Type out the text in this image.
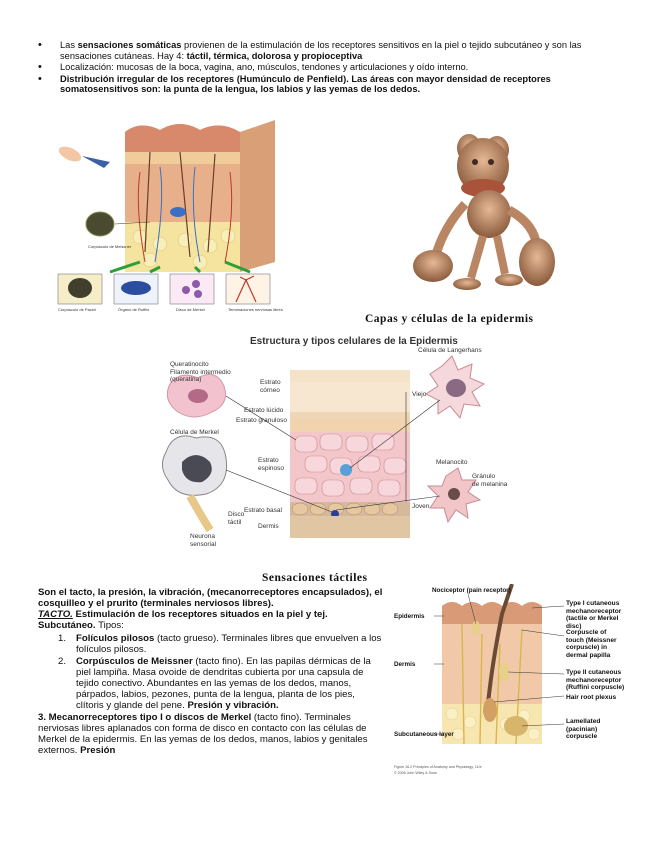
• Las sensaciones somáticas provienen de la estimulación de los receptores sensitivos en la piel o tejido subcutáneo y son las sensaciones cutáneas. Hay 4: táctil, térmica, dolorosa y propioceptiva
• Localización: mucosas de la boca, vagina, ano, músculos, tendones y articulaciones y oído interno.
• Distribución irregular de los receptores (Humúnculo de Penfield). Las áreas con mayor densidad de receptores somatosensitivos son: la punta de la lengua, los labios y las yemas de los dedos.
Corpúsculo de Meissner
Corpúsculo de Pacini	Órgano de Ruffini	Disco de Merkel	Terminaciones nerviosas libres
Capas y células de la epidermis
Estructura y tipos celulares de la Epidermis
Queratinocito
Filamento intermedio
(queratina)
Célula de Langerhans
Célula de Merkel
Disco
táctil
Neurona
sensorial
Melanocito
Gránulo
de melanina
Viejo
Joven
Estrato
córneo
Estrato lúcido
Estrato granuloso
Estrato
espinoso
Estrato basal
Dermis
Sensaciones táctiles

Son el tacto, la presión, la vibración, (mecanorreceptores encapsulados), el cosquilleo y el prurito (terminales nerviosos libres).

TACTO. Estimulación de los receptores situados en la piel y tej. Subcutáneo. Tipos:

1. Folículos pilosos (tacto grueso). Terminales libres que envuelven a los folículos pilosos.
2. Corpúsculos de Meissner (tacto fino). En las papilas dérmicas de la piel lampiña. Masa ovoide de dendritas cubierta por una capsula de tejido conectivo. Abundantes en las yemas de los dedos, manos, párpados, labios, pezones, punta de la lengua, planta de los pies, clítoris y glande del pene. Presión y vibración.

3. Mecanorreceptores tipo I o discos de Merkel (tacto fino). Terminales nerviosas libres aplanados con forma de disco en contacto con las células de Merkel de la epidermis. En las yemas de los dedos, manos, labios y genitales externos. Presión

Epidermis
Dermis
Subcutaneous layer
Nociceptor (pain receptor)
Figure 16.2 Principles of Anatomy and Physiology, 11/e
© 2006 John Wiley & Sons
Type I cutaneous mechanoreceptor (tactile or Merkel disc)
Corpuscle of touch (Meissner corpuscle) in dermal papilla
Type II cutaneous mechanoreceptor (Ruffini corpuscle)
Hair root plexus
Lamellated (pacinian) corpuscle
